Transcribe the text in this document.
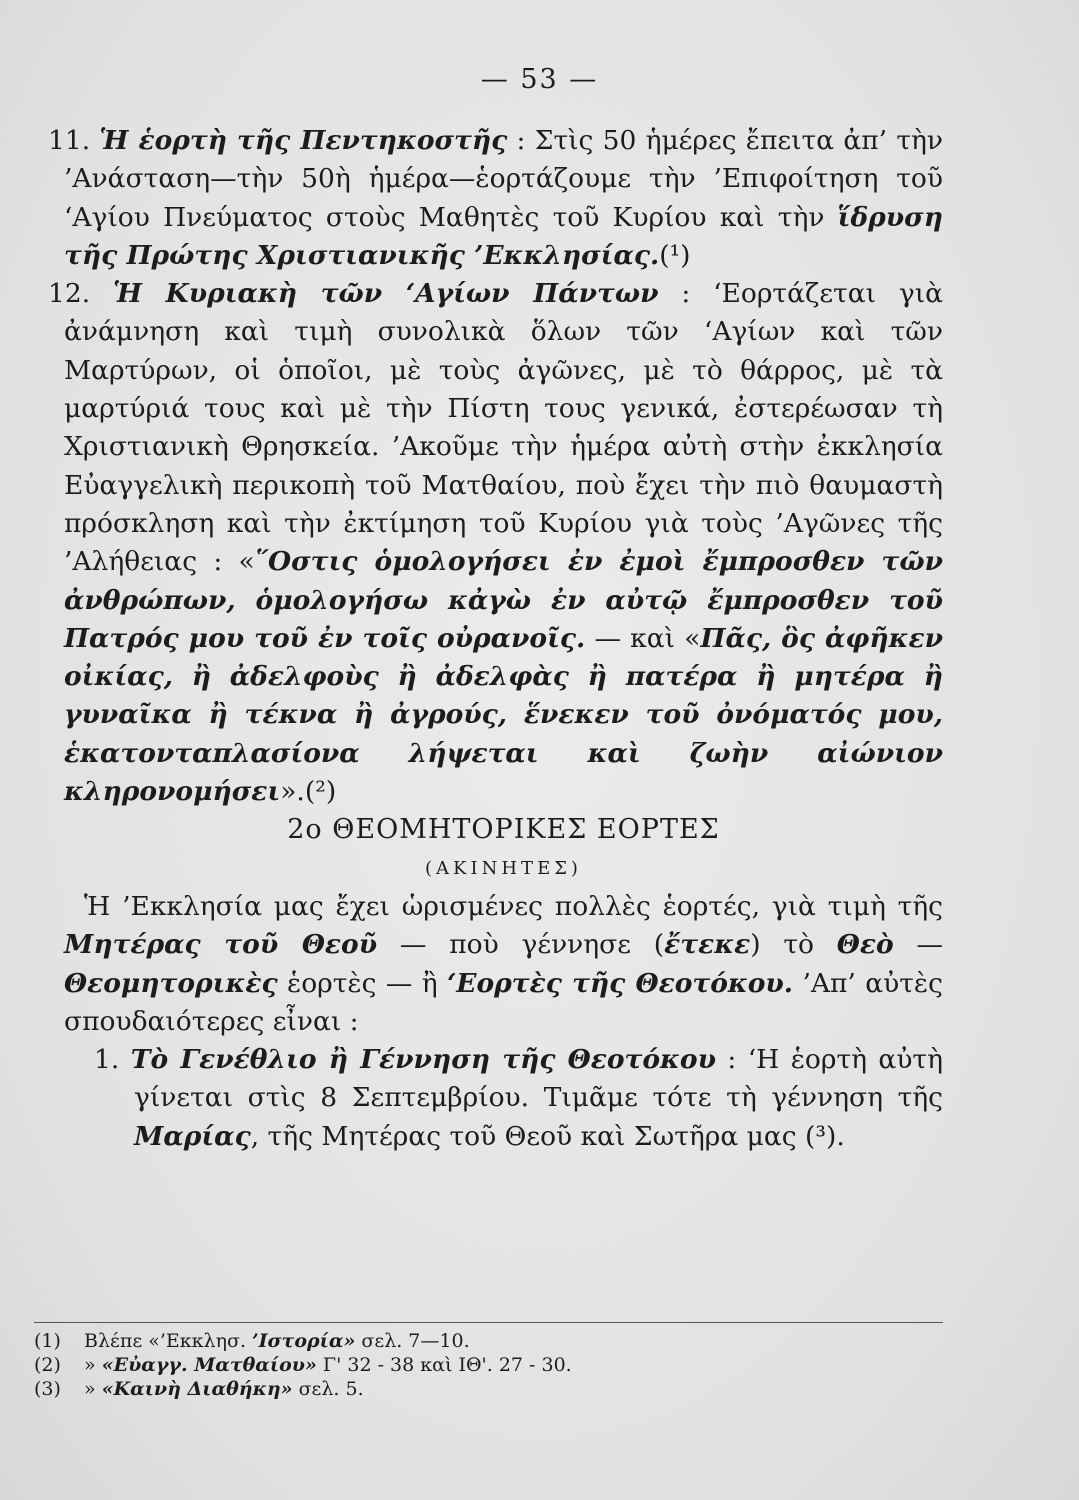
— 53 —

11. Ἡ ἑορτὴ τῆς Πεντηκοστῆς : Στὶς 50 ἡμέρες ἔπειτα ἀπ’ τὴν ’Ανάσταση—τὴν 50ὴ ἡμέρα—ἑορτάζουμε τὴν ’Επιφοίτηση τοῦ ‘Αγίου Πνεύματος στοὺς Μαθητὲς τοῦ Κυρίου καὶ τὴν ἵδρυση τῆς Πρώτης Χριστιανικῆς ’Εκκλησίας.(¹)

12. Ἡ Κυριακὴ τῶν ‘Αγίων Πάντων : ‘Εορτάζεται γιὰ ἀνάμνηση καὶ τιμὴ συνολικὰ ὅλων τῶν ‘Αγίων καὶ τῶν Μαρτύρων, οἱ ὁποῖοι, μὲ τοὺς ἀγῶνες, μὲ τὸ θάρρος, μὲ τὰ μαρτύριά τους καὶ μὲ τὴν Πίστη τους γενικά, ἐστερέωσαν τὴ Χριστιανικὴ Θρησκεία. ’Ακοῦμε τὴν ἡμέρα αὐτὴ στὴν ἐκκλησία Εὐαγγελικὴ περικοπὴ τοῦ Ματθαίου, ποὺ ἔχει τὴν πιὸ θαυμαστὴ πρόσκληση καὶ τὴν ἐκτίμηση τοῦ Κυρίου γιὰ τοὺς ’Αγῶνες τῆς ’Αλήθειας : «῞Οστις ὁμολογήσει ἐν ἐμοὶ ἔμπροσθεν τῶν ἀνθρώπων, ὁμολογήσω κἀγὼ ἐν αὐτῷ ἔμπροσθεν τοῦ Πατρός μου τοῦ ἐν τοῖς οὐρανοῖς. — καὶ «Πᾶς, ὃς ἀφῆκεν οἰκίας, ἢ ἀδελφοὺς ἢ ἀδελφὰς ἢ πατέρα ἢ μητέρα ἢ γυναῖκα ἢ τέκνα ἢ ἀγρούς, ἕνεκεν τοῦ ὀνόματός μου, ἑκατονταπλασίονα λήψεται καὶ ζωὴν αἰώνιον κληρονομήσει».(²)

2ο ΘΕΟΜΗΤΟΡΙΚΕΣ ΕΟΡΤΕΣ

(ΑΚΙΝΗΤΕΣ)

Ἡ ’Εκκλησία μας ἔχει ὡρισμένες πολλὲς ἑορτές, γιὰ τιμὴ τῆς Μητέρας τοῦ Θεοῦ — ποὺ γέννησε (ἔτεκε) τὸ Θεὸ — Θεομητορικὲς ἑορτὲς — ἢ ‘Εορτὲς τῆς Θεοτόκου. ’Απ’ αὐτὲς σπουδαιότερες εἶναι :

1. Τὸ Γενέθλιο ἢ Γέννηση τῆς Θεοτόκου : ‘Η ἑορτὴ αὐτὴ γίνεται στὶς 8 Σεπτεμβρίου. Τιμᾶμε τότε τὴ γέννηση τῆς Μαρίας, τῆς Μητέρας τοῦ Θεοῦ καὶ Σωτῆρα μας (³).

(1) Βλέπε «’Εκκλησ. ’Ιστορία» σελ. 7—10.
(2) » «Εὐαγγ. Ματθαίου» Γ' 32 - 38 καὶ ΙΘ'. 27 - 30.
(3) » «Καινὴ Διαθήκη» σελ. 5.
